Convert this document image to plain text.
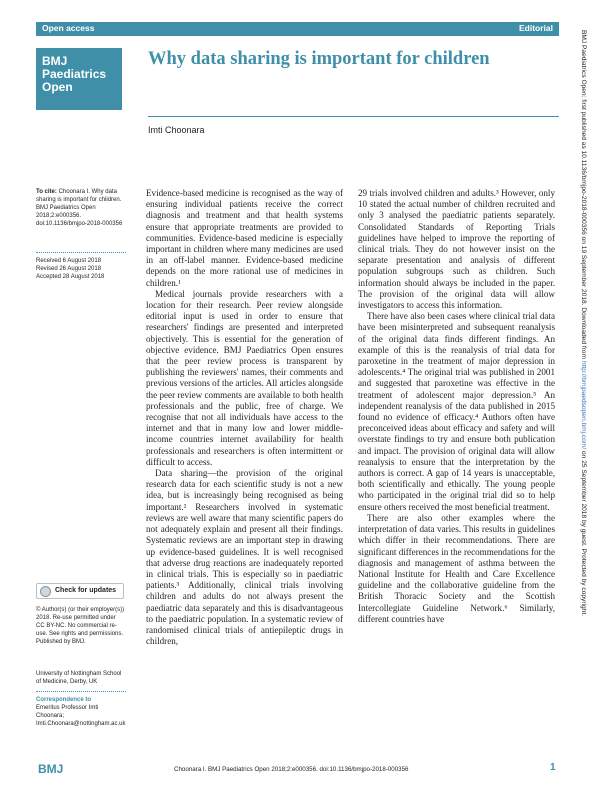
Open access	Editorial
BMJ
Paediatrics
Open
Why data sharing is important for children
Imti Choonara

To cite: Choonara I. Why data sharing is important for children. BMJ Paediatrics Open 2018;2:e000356. doi:10.1136/bmjpo-2018-000356

Received 6 August 2018

Revised 26 August 2018

Accepted 28 August 2018

Check for updates

© Author(s) (or their employer(s)) 2018. Re-use permitted under CC BY-NC. No commercial re-use. See rights and permissions. Published by BMJ.

University of Nottingham School of Medicine, Derby, UK

Correspondence to

Emeritus Professor Imti Choonara; Imti.Choonara@nottingham.ac.uk

Evidence-based medicine is recognised as the way of ensuring individual patients receive the correct diagnosis and treatment and that health systems ensure that appropriate treatments are provided to communities. Evidence-based medicine is especially important in children where many medicines are used in an off-label manner. Evidence-based medicine depends on the more rational use of medicines in children.¹

Medical journals provide researchers with a location for their research. Peer review alongside editorial input is used in order to ensure that researchers' findings are presented and interpreted objectively. This is essential for the generation of objective evidence. BMJ Paediatrics Open ensures that the peer review process is transparent by publishing the reviewers' names, their comments and previous versions of the articles. All articles alongside the peer review comments are available to both health professionals and the public, free of charge. We recognise that not all individuals have access to the internet and that in many low and lower middle-income countries internet availability for health professionals and researchers is often intermittent or difficult to access.

Data sharing—the provision of the original research data for each scientific study is not a new idea, but is increasingly being recognised as being important.² Researchers involved in systematic reviews are well aware that many scientific papers do not adequately explain and present all their findings. Systematic reviews are an important step in drawing up evidence-based guidelines. It is well recognised that adverse drug reactions are inadequately reported in clinical trials. This is especially so in paediatric patients.³ Additionally, clinical trials involving children and adults do not always present the paediatric data separately and this is disadvantageous to the paediatric population. In a systematic review of randomised clinical trials of antiepileptic drugs in children,

29 trials involved children and adults.³ However, only 10 stated the actual number of children recruited and only 3 analysed the paediatric patients separately. Consolidated Standards of Reporting Trials guidelines have helped to improve the reporting of clinical trials. They do not however insist on the separate presentation and analysis of different population subgroups such as children. Such information should always be included in the paper. The provision of the original data will allow investigators to access this information.

There have also been cases where clinical trial data have been misinterpreted and subsequent reanalysis of the original data finds different findings. An example of this is the reanalysis of trial data for paroxetine in the treatment of major depression in adolescents.⁴ The original trial was published in 2001 and suggested that paroxetine was effective in the treatment of adolescent major depression.⁵ An independent reanalysis of the data published in 2015 found no evidence of efficacy.⁴ Authors often have preconceived ideas about efficacy and safety and will overstate findings to try and ensure both publication and impact. The provision of original data will allow reanalysis to ensure that the interpretation by the authors is correct. A gap of 14 years is unacceptable, both scientifically and ethically. The young people who participated in the original trial did so to help ensure others received the most beneficial treatment.

There are also other examples where the interpretation of data varies. This results in guidelines which differ in their recommendations. There are significant differences in the recommendations for the diagnosis and management of asthma between the National Institute for Health and Care Excellence guideline and the collaborative guideline from the British Thoracic Society and the Scottish Intercollegiate Guideline Network.⁶ Similarly, different countries have

BMJ	Choonara I. BMJ Paediatrics Open 2018;2:e000356. doi:10.1136/bmjpo-2018-000356	1
BMJ Paediatrics Open: first published as 10.1136/bmjpo-2018-000356 on 19 September 2018. Downloaded from http://bmjpaedsopen.bmj.com/ on 25 September 2018 by guest. Protected by copyright.
